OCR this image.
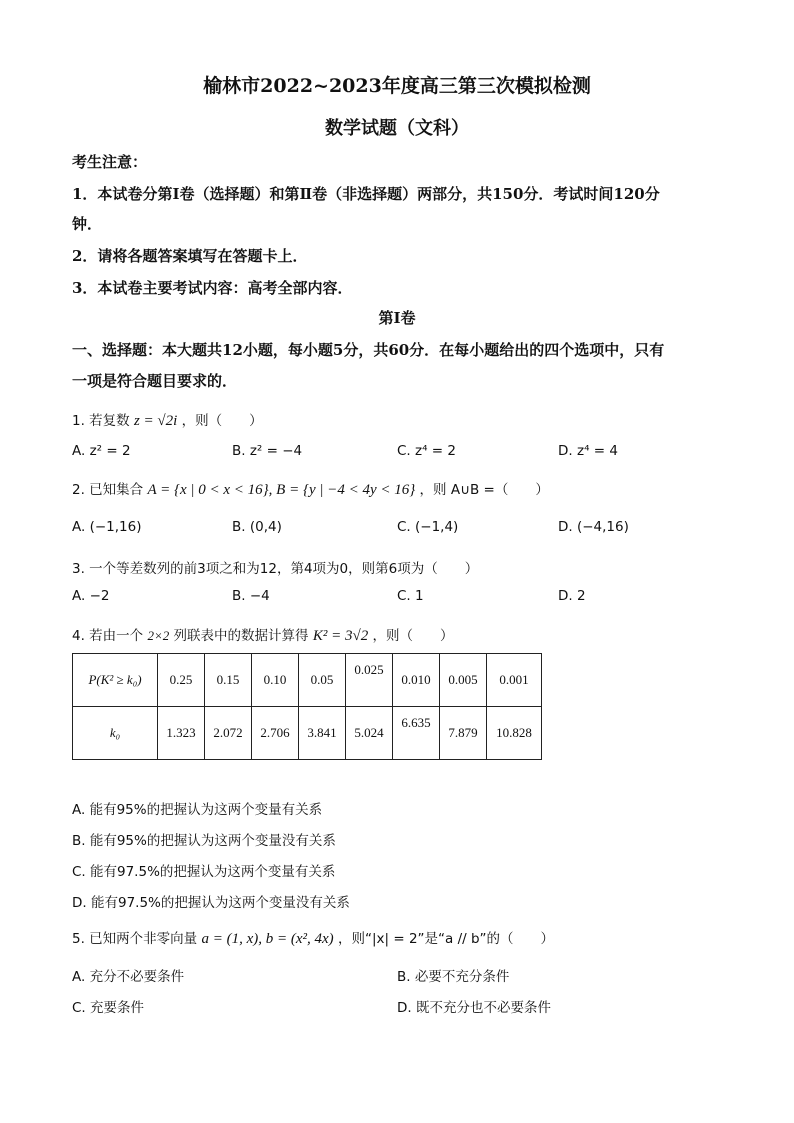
榆林市2022~2023年度高三第三次模拟检测
数学试题（文科）
考生注意：
1．本试卷分第Ⅰ卷（选择题）和第Ⅱ卷（非选择题）两部分，共150分．考试时间120分
钟．
2．请将各题答案填写在答题卡上．
3．本试卷主要考试内容：高考全部内容．
第Ⅰ卷
一、选择题：本大题共12小题，每小题5分，共60分．在每小题给出的四个选项中，只有
一项是符合题目要求的．
1. 若复数 z = √2i ，则（　　）
A. z² = 2	B. z² = −4	C. z⁴ = 2	D. z⁴ = 4
2. 已知集合 A = {x | 0 < x < 16}, B = {y | −4 < 4y < 16} ，则 A∪B =（　　）
A. (−1,16)	B. (0,4)	C. (−1,4)	D. (−4,16)
3. 一个等差数列的前3项之和为12，第4项为0，则第6项为（　　）
A. −2	B. −4	C. 1	D. 2
4. 若由一个 2×2 列联表中的数据计算得 K² = 3√2 ，则（　　）
P(K² ≥ k₀)	0.25	0.15	0.10	0.05	0.025	0.010	0.005	0.001
k₀	1.323	2.072	2.706	3.841	5.024	6.635	7.879	10.828
A. 能有95%的把握认为这两个变量有关系
B. 能有95%的把握认为这两个变量没有关系
C. 能有97.5%的把握认为这两个变量有关系
D. 能有97.5%的把握认为这两个变量没有关系
5. 已知两个非零向量 a = (1, x), b = (x², 4x) ，则“|x| = 2”是“a // b”的（　　）
A. 充分不必要条件	B. 必要不充分条件
C. 充要条件	D. 既不充分也不必要条件
